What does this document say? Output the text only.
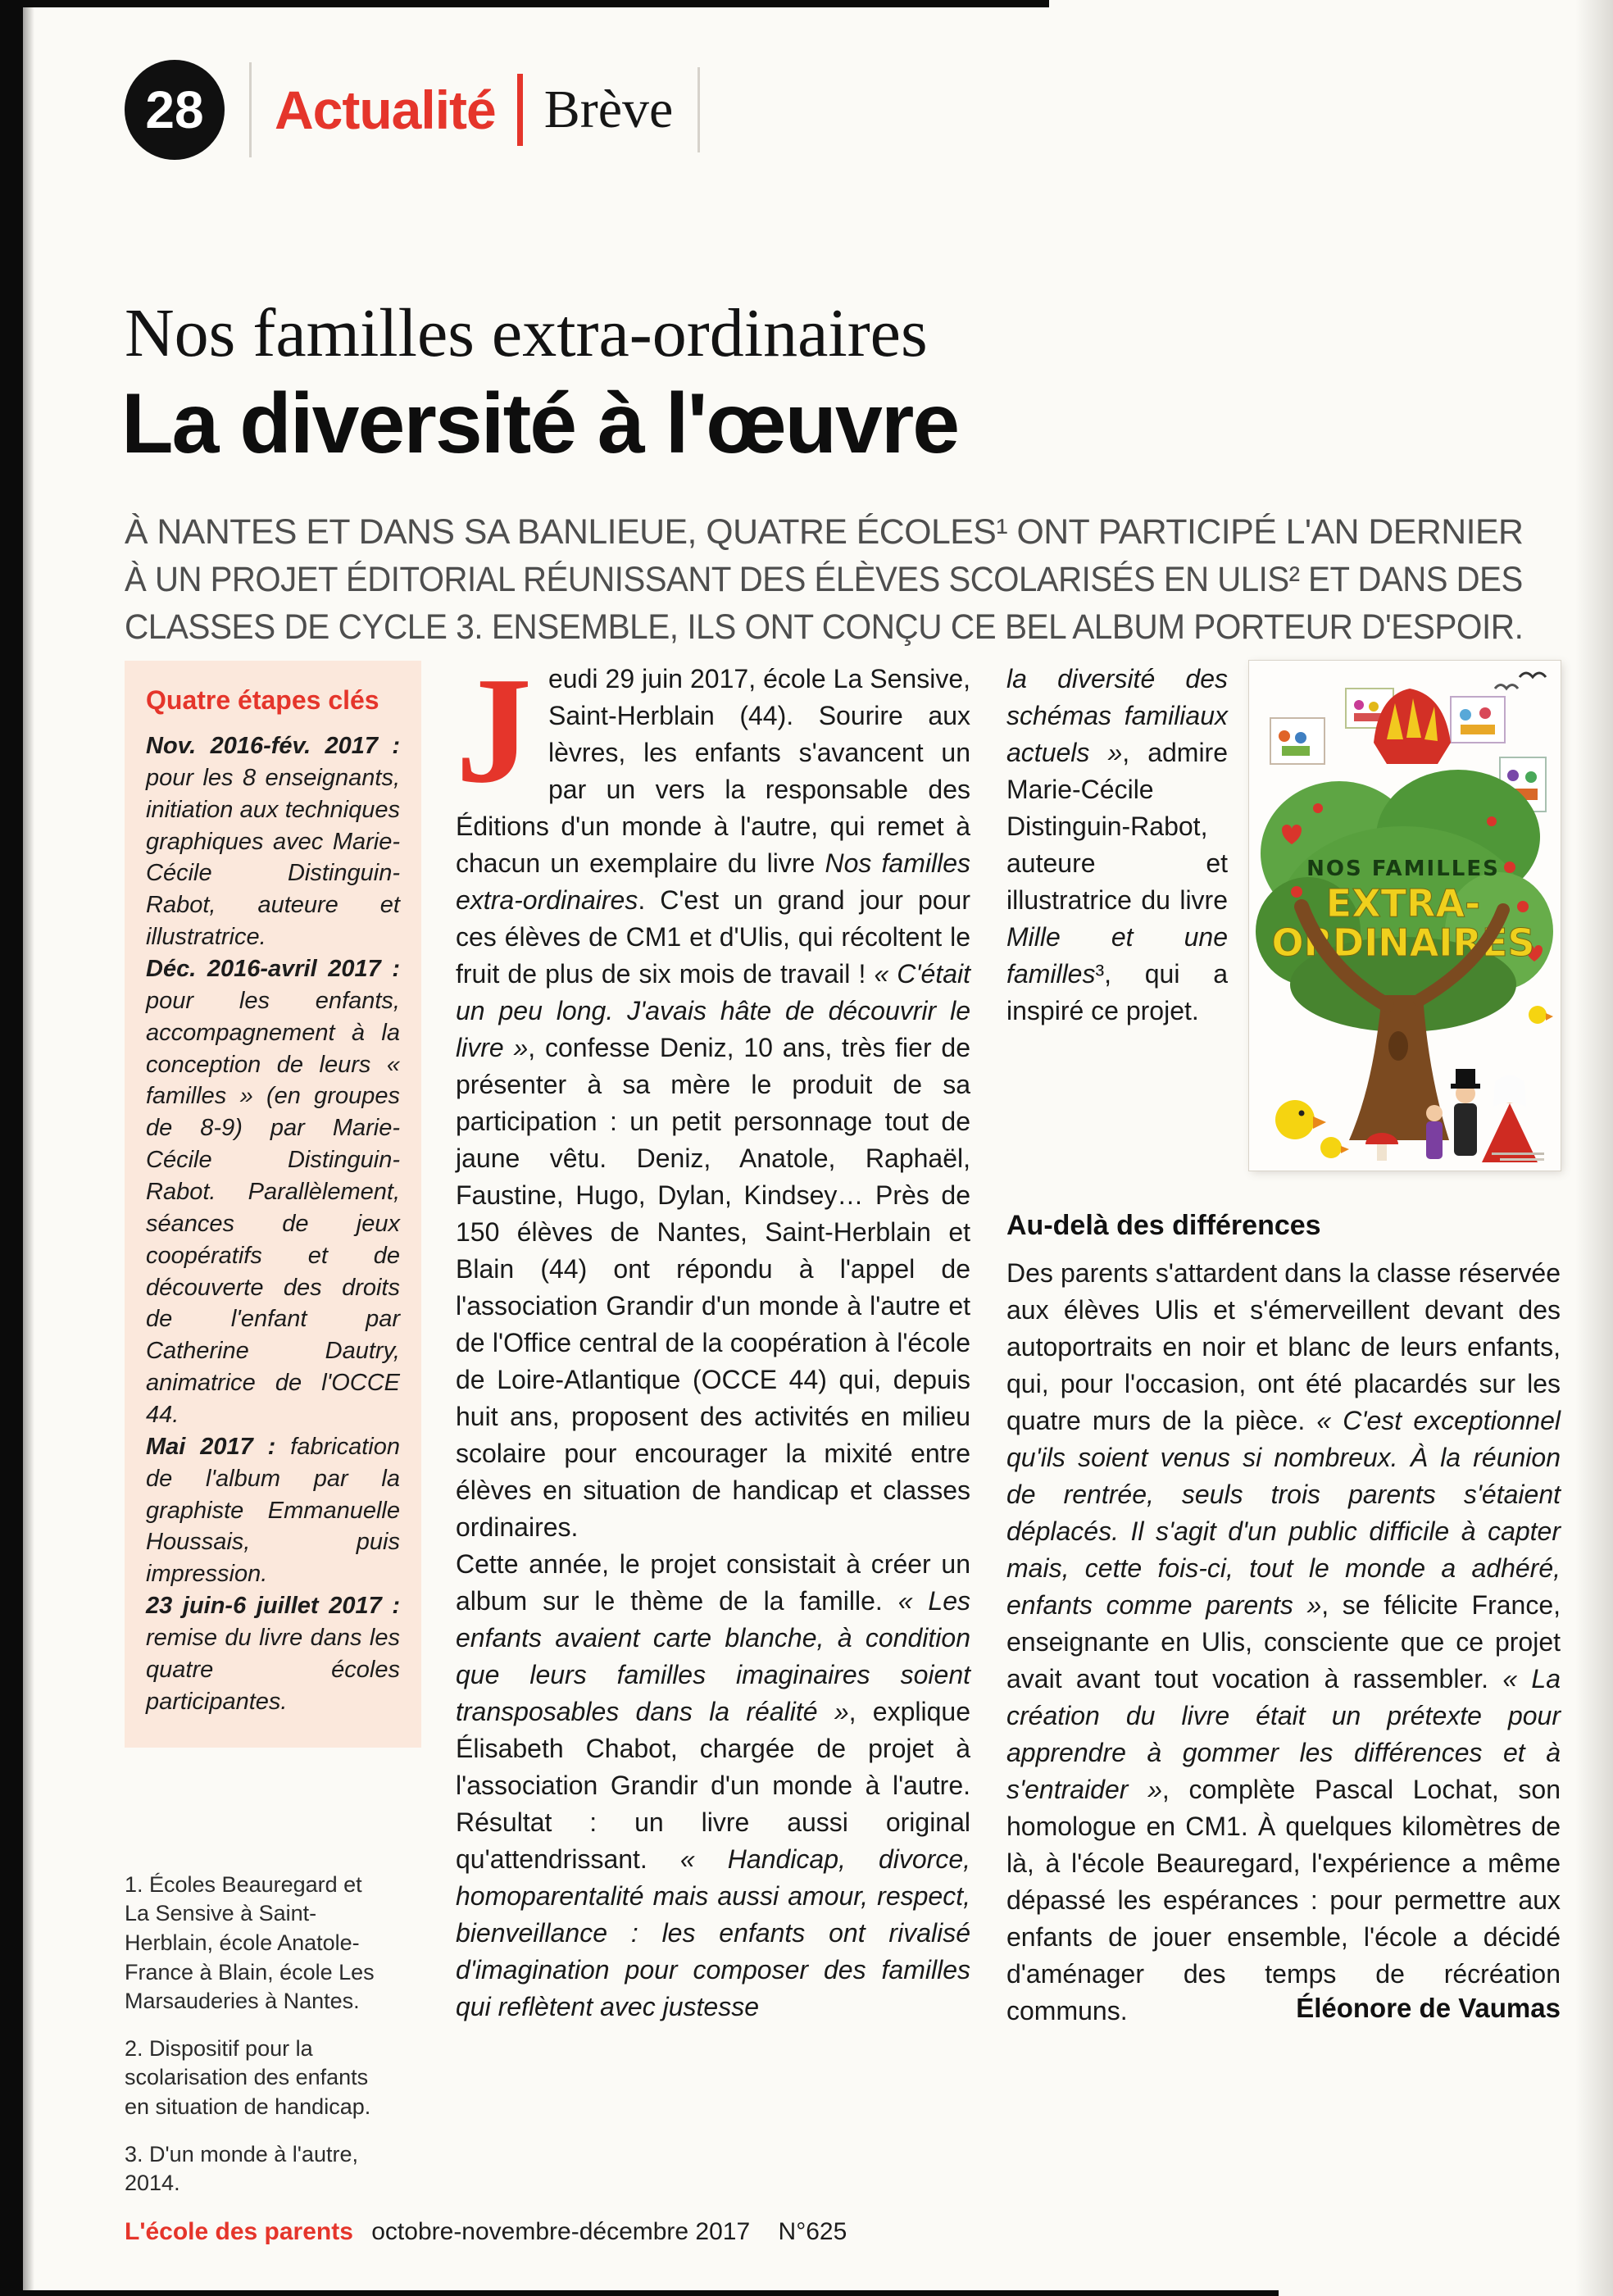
28	Actualité Brève
Nos familles extra-ordinaires
La diversité à l'œuvre
À NANTES ET DANS SA BANLIEUE, QUATRE ÉCOLES¹ ONT PARTICIPÉ L'AN DERNIER
À UN PROJET ÉDITORIAL RÉUNISSANT DES ÉLÈVES SCOLARISÉS EN ULIS² ET DANS DES
CLASSES DE CYCLE 3. ENSEMBLE, ILS ONT CONÇU CE BEL ALBUM PORTEUR D'ESPOIR.
Quatre étapes clés

Nov. 2016-fév. 2017 : pour les 8 enseignants, initiation aux techniques graphiques avec Marie-Cécile Distinguin-Rabot, auteure et illustratrice.

Déc. 2016-avril 2017 : pour les enfants, accompagnement à la conception de leurs « familles » (en groupes de 8-9) par Marie-Cécile Distinguin-Rabot. Parallèlement, séances de jeux coopératifs et de découverte des droits de l'enfant par Catherine Dautry, animatrice de l'OCCE 44.

Mai 2017 : fabrication de l'album par la graphiste Emmanuelle Houssais, puis impression.

23 juin-6 juillet 2017 : remise du livre dans les quatre écoles participantes.

1. Écoles Beauregard et La Sensive à Saint-Herblain, école Anatole-France à Blain, école Les Marsauderies à Nantes.

2. Dispositif pour la scolarisation des enfants en situation de handicap.

3. D'un monde à l'autre, 2014.

Jeudi 29 juin 2017, école La Sensive, Saint-Herblain (44). Sourire aux lèvres, les enfants s'avancent un par un vers la responsable des Éditions d'un monde à l'autre, qui remet à chacun un exemplaire du livre Nos familles extra-ordinaires. C'est un grand jour pour ces élèves de CM1 et d'Ulis, qui récoltent le fruit de plus de six mois de travail ! « C'était un peu long. J'avais hâte de découvrir le livre », confesse Deniz, 10 ans, très fier de présenter à sa mère le produit de sa participation : un petit personnage tout de jaune vêtu. Deniz, Anatole, Raphaël, Faustine, Hugo, Dylan, Kindsey… Près de 150 élèves de Nantes, Saint-Herblain et Blain (44) ont répondu à l'appel de l'association Grandir d'un monde à l'autre et de l'Office central de la coopération à l'école de Loire-Atlantique (OCCE 44) qui, depuis huit ans, proposent des activités en milieu scolaire pour encourager la mixité entre élèves en situation de handicap et classes ordinaires.

Cette année, le projet consistait à créer un album sur le thème de la famille. « Les enfants avaient carte blanche, à condition que leurs familles imaginaires soient transposables dans la réalité », explique Élisabeth Chabot, chargée de projet à l'association Grandir d'un monde à l'autre. Résultat : un livre aussi original qu'attendrissant. « Handicap, divorce, homoparentalité mais aussi amour, respect, bienveillance : les enfants ont rivalisé d'imagination pour composer des familles qui reflètent avec justesse

NOS FAMILLES
EXTRA-
ORDINAIRES

la diversité des schémas familiaux actuels », admire Marie-Cécile Distinguin-Rabot, auteure et illustratrice du livre Mille et une familles³, qui a inspiré ce projet.

Au-delà des différences

Des parents s'attardent dans la classe réservée aux élèves Ulis et s'émerveillent devant des autoportraits en noir et blanc de leurs enfants, qui, pour l'occasion, ont été placardés sur les quatre murs de la pièce. « C'est exceptionnel qu'ils soient venus si nombreux. À la réunion de rentrée, seuls trois parents s'étaient déplacés. Il s'agit d'un public difficile à capter mais, cette fois-ci, tout le monde a adhéré, enfants comme parents », se félicite France, enseignante en Ulis, consciente que ce projet avait avant tout vocation à rassembler. « La création du livre était un prétexte pour apprendre à gommer les différences et à s'entraider », complète Pascal Lochat, son homologue en CM1. À quelques kilomètres de là, à l'école Beauregard, l'expérience a même dépassé les espérances : pour permettre aux enfants de jouer ensemble, l'école a décidé d'aménager des temps de récréation communs.	Éléonore de Vaumas
L'école des parents octobre-novembre-décembre 2017 N°625
